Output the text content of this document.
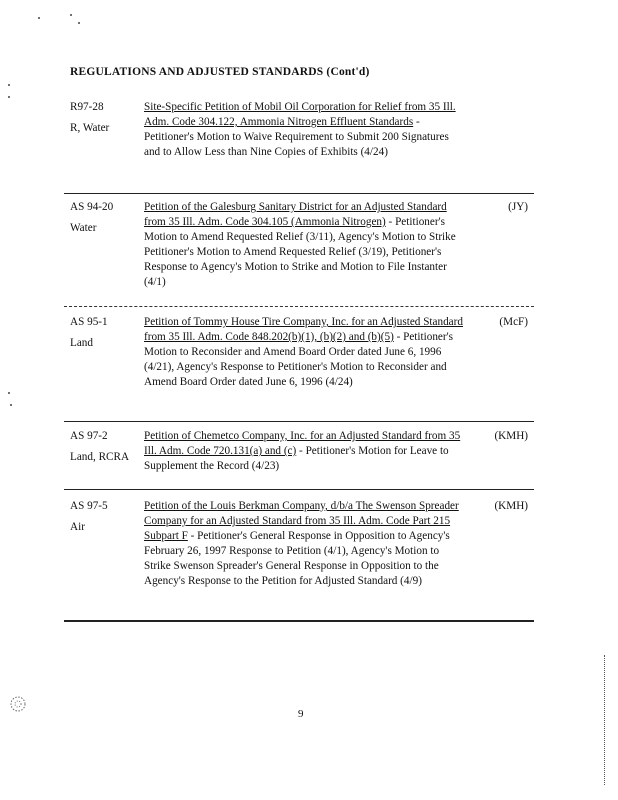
REGULATIONS AND ADJUSTED STANDARDS (Cont'd)
R97-28
R, Water
Site-Specific Petition of Mobil Oil Corporation for Relief from 35 Ill. Adm. Code 304.122, Ammonia Nitrogen Effluent Standards - Petitioner's Motion to Waive Requirement to Submit 200 Signatures and to Allow Less than Nine Copies of Exhibits (4/24)
AS 94-20
Water
Petition of the Galesburg Sanitary District for an Adjusted Standard from 35 Ill. Adm. Code 304.105 (Ammonia Nitrogen) - Petitioner's Motion to Amend Requested Relief (3/11), Agency's Motion to Strike Petitioner's Motion to Amend Requested Relief (3/19), Petitioner's Response to Agency's Motion to Strike and Motion to File Instanter (4/1)
(JY)
AS 95-1
Land
Petition of Tommy House Tire Company, Inc. for an Adjusted Standard from 35 Ill. Adm. Code 848.202(b)(1), (b)(2) and (b)(5) - Petitioner's Motion to Reconsider and Amend Board Order dated June 6, 1996 (4/21), Agency's Response to Petitioner's Motion to Reconsider and Amend Board Order dated June 6, 1996 (4/24)
(McF)
AS 97-2
Land, RCRA
Petition of Chemetco Company, Inc. for an Adjusted Standard from 35 Ill. Adm. Code 720.131(a) and (c) - Petitioner's Motion for Leave to Supplement the Record (4/23)
(KMH)
AS 97-5
Air
Petition of the Louis Berkman Company, d/b/a The Swenson Spreader Company for an Adjusted Standard from 35 Ill. Adm. Code Part 215 Subpart F - Petitioner's General Response in Opposition to Agency's February 26, 1997 Response to Petition (4/1), Agency's Motion to Strike Swenson Spreader's General Response in Opposition to the Agency's Response to the Petition for Adjusted Standard (4/9)
(KMH)
9
